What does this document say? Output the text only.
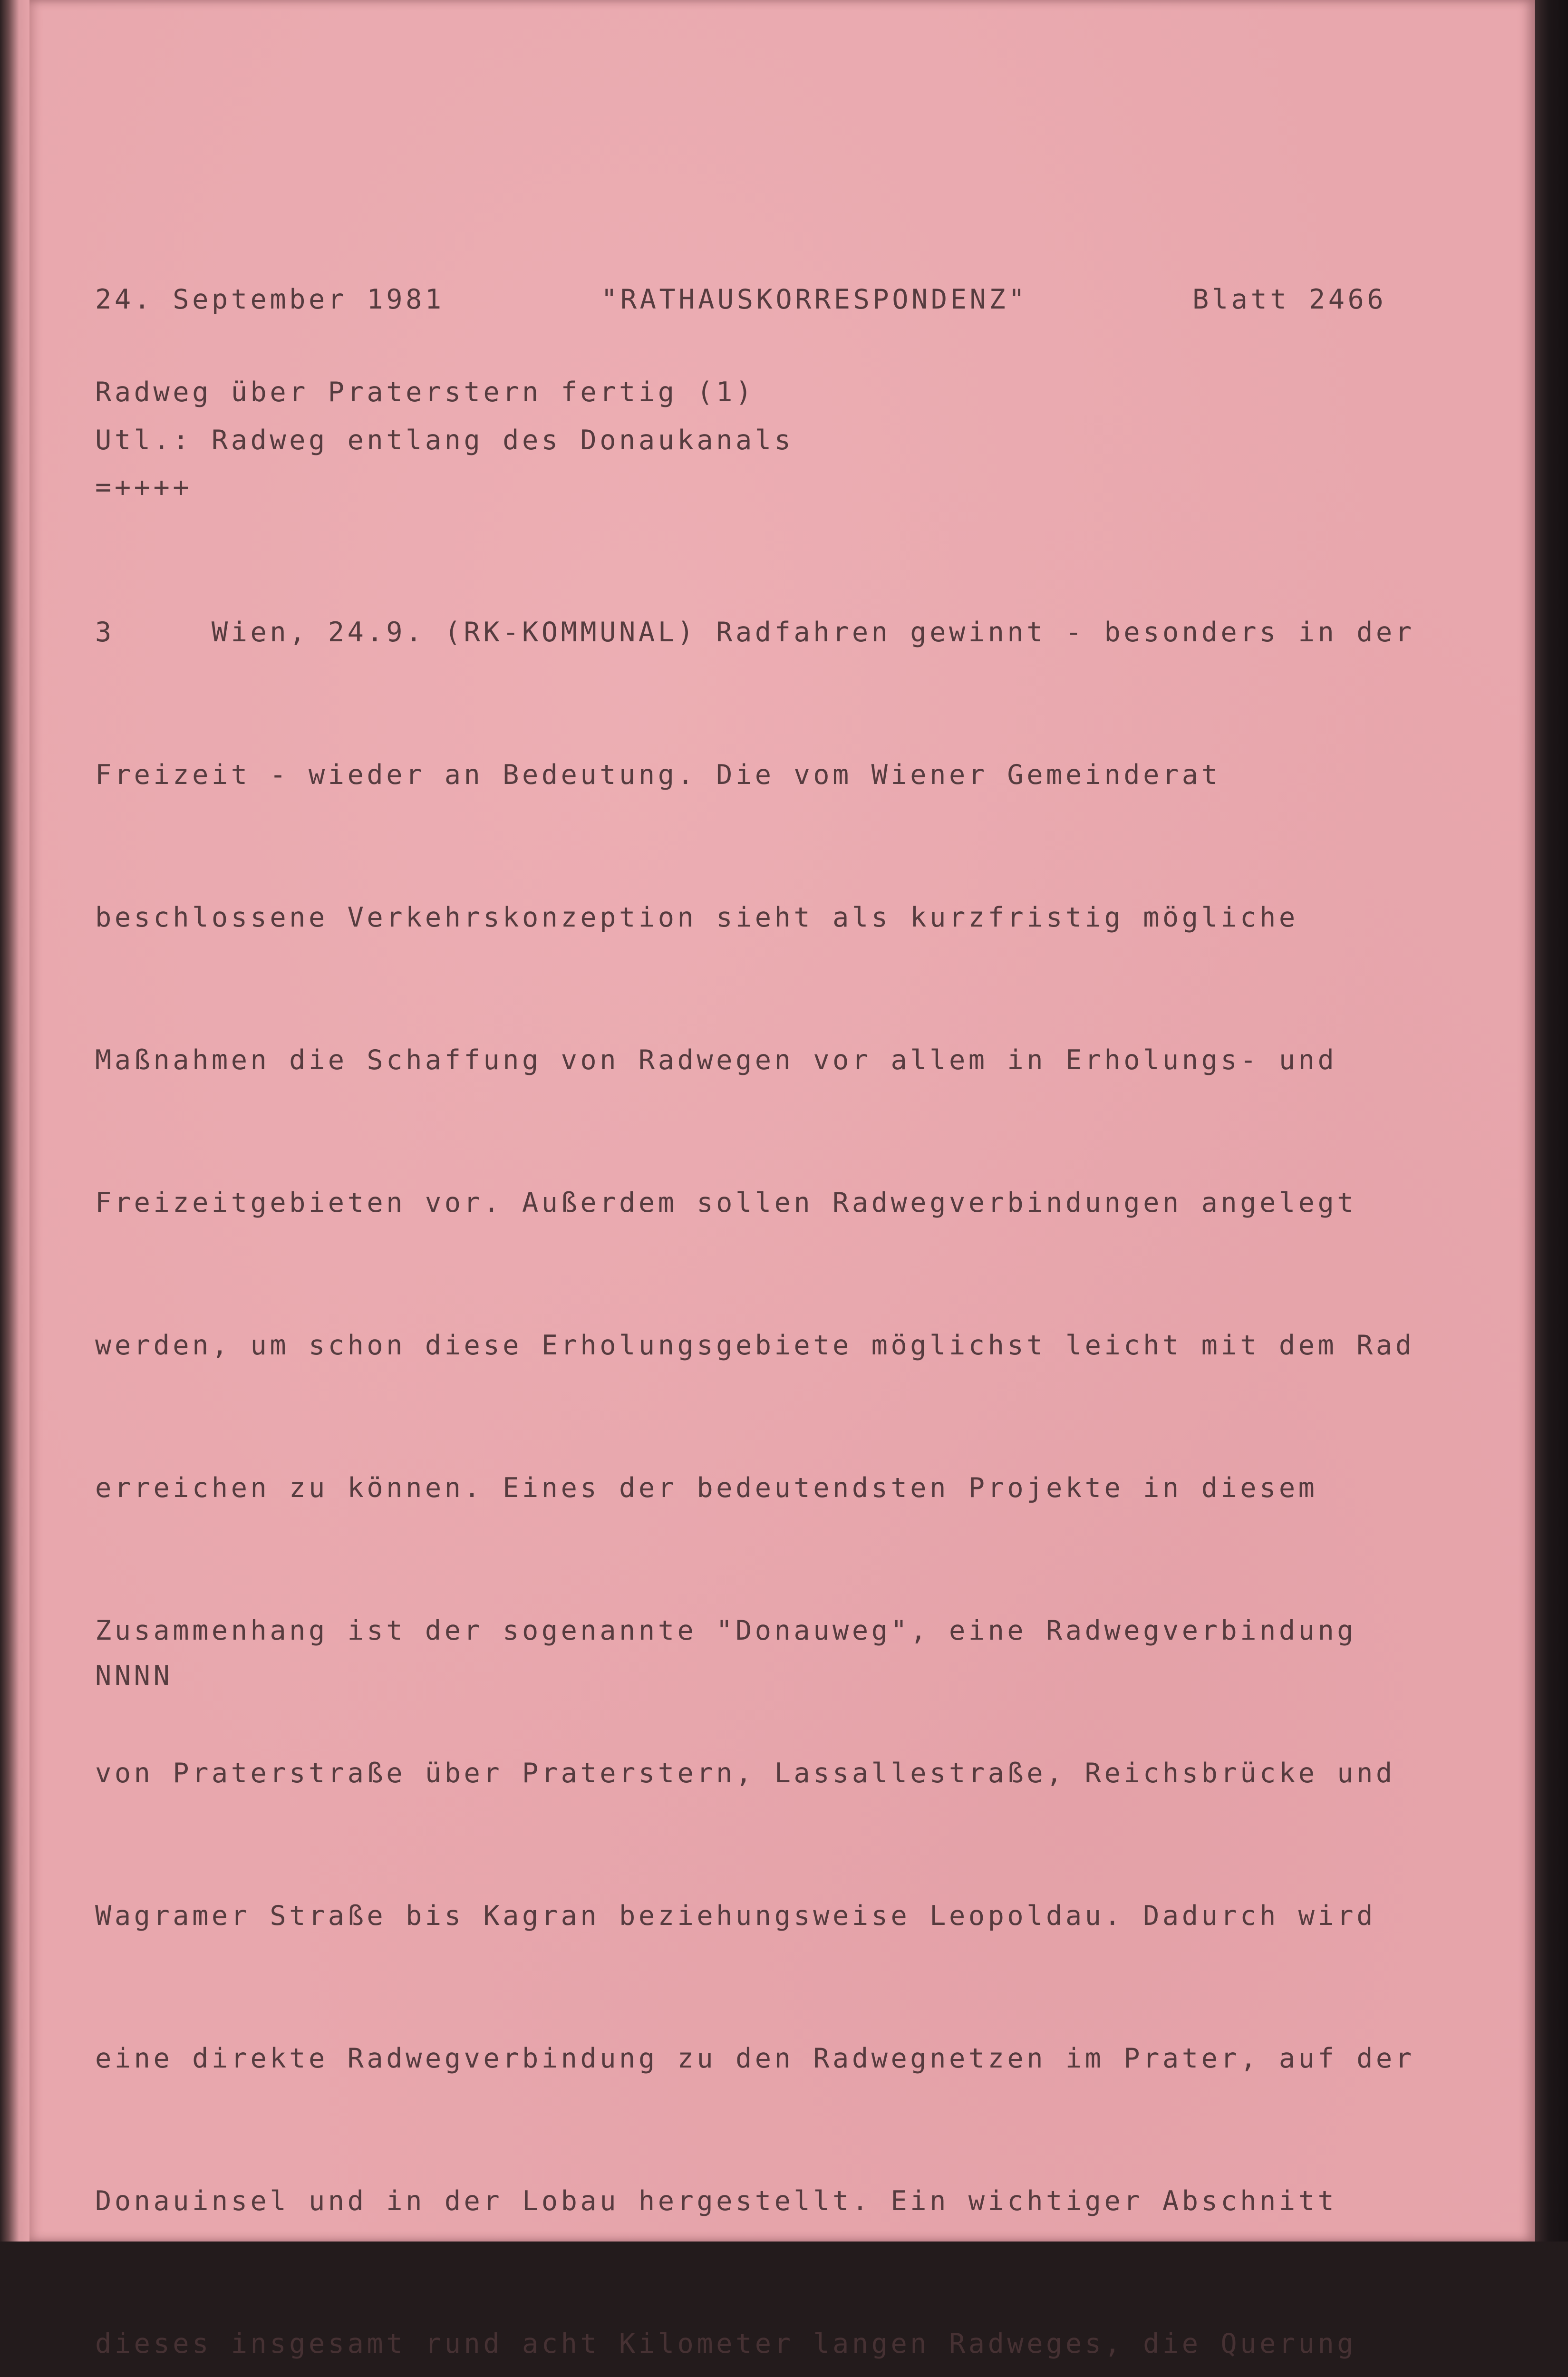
24. September 1981	"RATHAUSKORRESPONDENZ"	Blatt 2466
Radweg über Praterstern fertig (1)
Utl.: Radweg entlang des Donaukanals
=++++

3     Wien, 24.9. (RK-KOMMUNAL) Radfahren gewinnt - besonders in der

Freizeit - wieder an Bedeutung. Die vom Wiener Gemeinderat

beschlossene Verkehrskonzeption sieht als kurzfristig mögliche

Maßnahmen die Schaffung von Radwegen vor allem in Erholungs- und

Freizeitgebieten vor. Außerdem sollen Radwegverbindungen angelegt

werden, um schon diese Erholungsgebiete möglichst leicht mit dem Rad

erreichen zu können. Eines der bedeutendsten Projekte in diesem

Zusammenhang ist der sogenannte "Donauweg", eine Radwegverbindung

von Praterstraße über Praterstern, Lassallestraße, Reichsbrücke und

Wagramer Straße bis Kagran beziehungsweise Leopoldau. Dadurch wird

eine direkte Radwegverbindung zu den Radwegnetzen im Prater, auf der

Donauinsel und in der Lobau hergestellt. Ein wichtiger Abschnitt

dieses insgesamt rund acht Kilometer langen Radweges, die Querung

NNNN
